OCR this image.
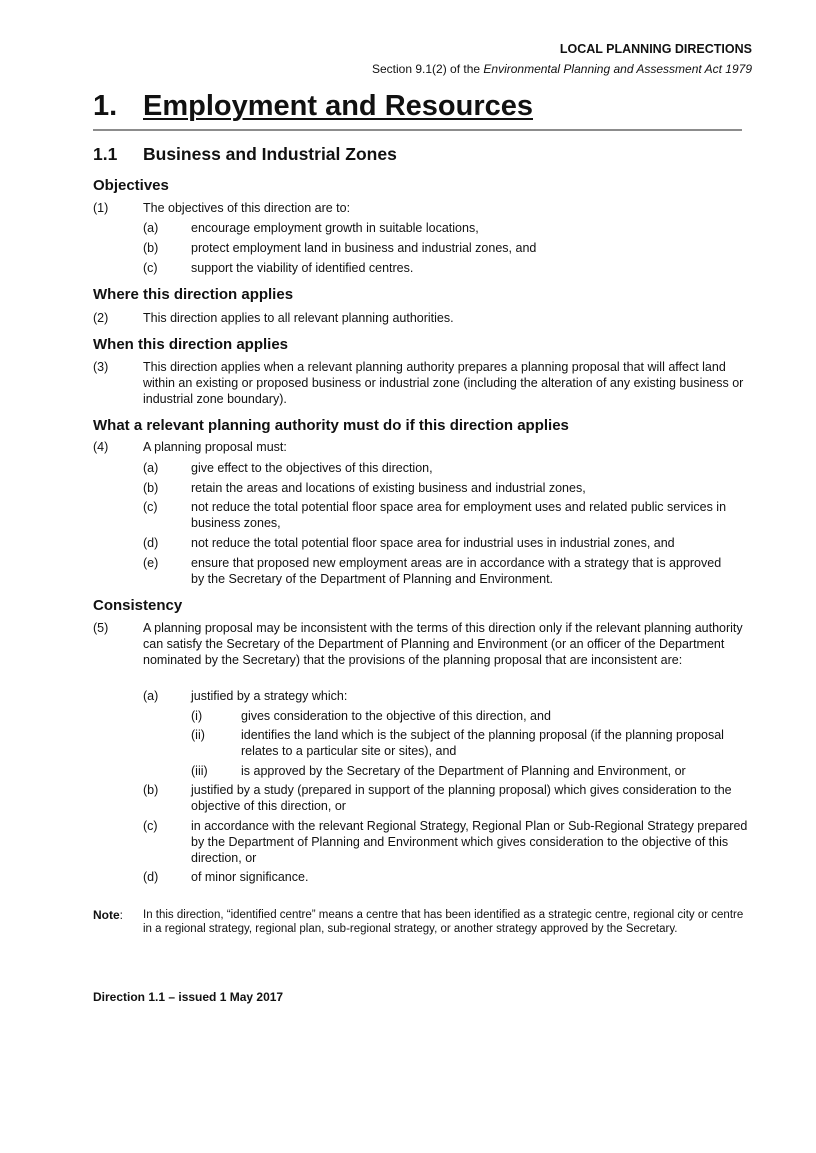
LOCAL PLANNING DIRECTIONS
Section 9.1(2) of the Environmental Planning and Assessment Act 1979
1. Employment and Resources
1.1 Business and Industrial Zones
Objectives
(1)	The objectives of this direction are to:
(a)	encourage employment growth in suitable locations,
(b)	protect employment land in business and industrial zones, and
(c)	support the viability of identified centres.
Where this direction applies
(2)	This direction applies to all relevant planning authorities.
When this direction applies
(3)	This direction applies when a relevant planning authority prepares a planning proposal that will affect land within an existing or proposed business or industrial zone (including the alteration of any existing business or industrial zone boundary).
What a relevant planning authority must do if this direction applies
(4)	A planning proposal must:
(a)	give effect to the objectives of this direction,
(b)	retain the areas and locations of existing business and industrial zones,
(c)	not reduce the total potential floor space area for employment uses and related public services in business zones,
(d)	not reduce the total potential floor space area for industrial uses in industrial zones, and
(e)	ensure that proposed new employment areas are in accordance with a strategy that is approved by the Secretary of the Department of Planning and Environment.
Consistency
(5)	A planning proposal may be inconsistent with the terms of this direction only if the relevant planning authority can satisfy the Secretary of the Department of Planning and Environment (or an officer of the Department nominated by the Secretary) that the provisions of the planning proposal that are inconsistent are:
(a)	justified by a strategy which:
(i)	gives consideration to the objective of this direction, and
(ii)	identifies the land which is the subject of the planning proposal (if the planning proposal relates to a particular site or sites), and
(iii)	is approved by the Secretary of the Department of Planning and Environment, or
(b)	justified by a study (prepared in support of the planning proposal) which gives consideration to the objective of this direction, or
(c)	in accordance with the relevant Regional Strategy, Regional Plan or Sub-Regional Strategy prepared by the Department of Planning and Environment which gives consideration to the objective of this direction, or
(d)	of minor significance.
Note: In this direction, “identified centre” means a centre that has been identified as a strategic centre, regional city or centre in a regional strategy, regional plan, sub-regional strategy, or another strategy approved by the Secretary.
Direction 1.1 – issued 1 May 2017
